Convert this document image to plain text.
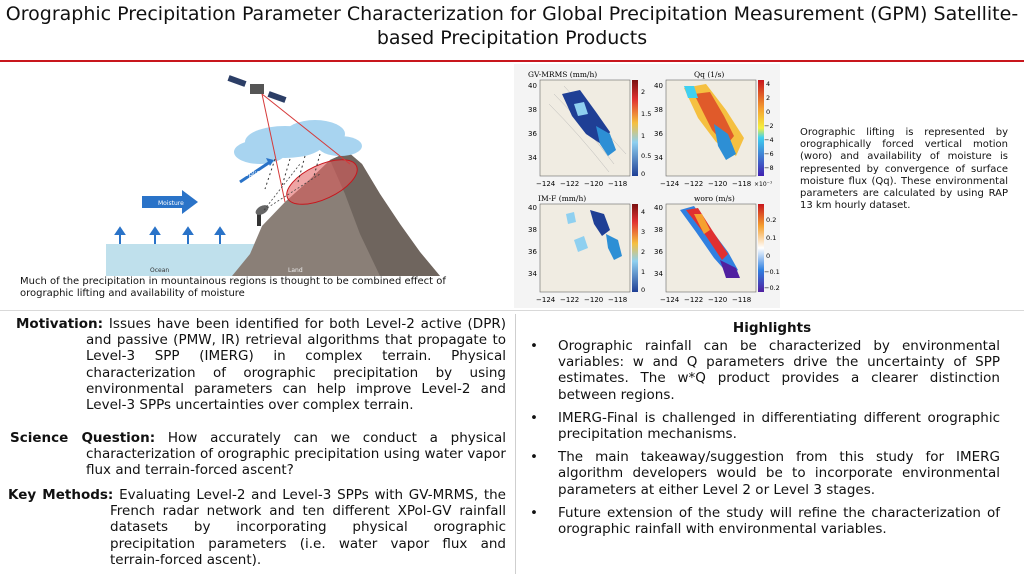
Orographic Precipitation Parameter Characterization for Global Precipitation Measurement (GPM) Satellite-based Precipitation Products
Moisture
Uplift
Ocean	Land
Much of the precipitation in mountainous regions is thought to be combined effect of orographic lifting and availability of moisture
GV-MRMS (mm/h)
40
38
36
34
−124 −122 −120 −118
2
1.5
1
0.5
0
Qq (1/s)
40
38
36
34
−124 −122 −120 −118 ×10⁻⁷
4
2
0
−2
−4
−6
−8
IM-F (mm/h)
40
38
36
34
−124 −122 −120 −118
4
3
2
1
0
woro (m/s)
40
38
36
34
−124 −122 −120 −118
0.2
0.1
0
−0.1
−0.2
Orographic lifting is represented by orographically forced vertical motion (woro) and availability of moisture is represented by convergence of surface moisture flux (Qq). These environmental parameters are calculated by using RAP 13 km hourly dataset.
Motivation: Issues have been identified for both Level-2 active (DPR) and passive (PMW, IR) retrieval algorithms that propagate to Level-3 SPP (IMERG) in complex terrain. Physical characterization of orographic precipitation by using environmental parameters can help improve Level-2 and Level-3 SPPs uncertainties over complex terrain.
Science Question: How accurately can we conduct a physical characterization of orographic precipitation using water vapor flux and terrain-forced ascent?
Key Methods: Evaluating Level-2 and Level-3 SPPs with GV-MRMS, the French radar network and ten different XPol-GV rainfall datasets by incorporating physical orographic precipitation parameters (i.e. water vapor flux and terrain-forced ascent).
Highlights
• Orographic rainfall can be characterized by environmental variables: w and Q parameters drive the uncertainty of SPP estimates. The w*Q product provides a clearer distinction between regions.
• IMERG-Final is challenged in differentiating different orographic precipitation mechanisms.
• The main takeaway/suggestion from this study for IMERG algorithm developers would be to incorporate environmental parameters at either Level 2 or Level 3 stages.
• Future extension of the study will refine the characterization of orographic rainfall with environmental variables.
